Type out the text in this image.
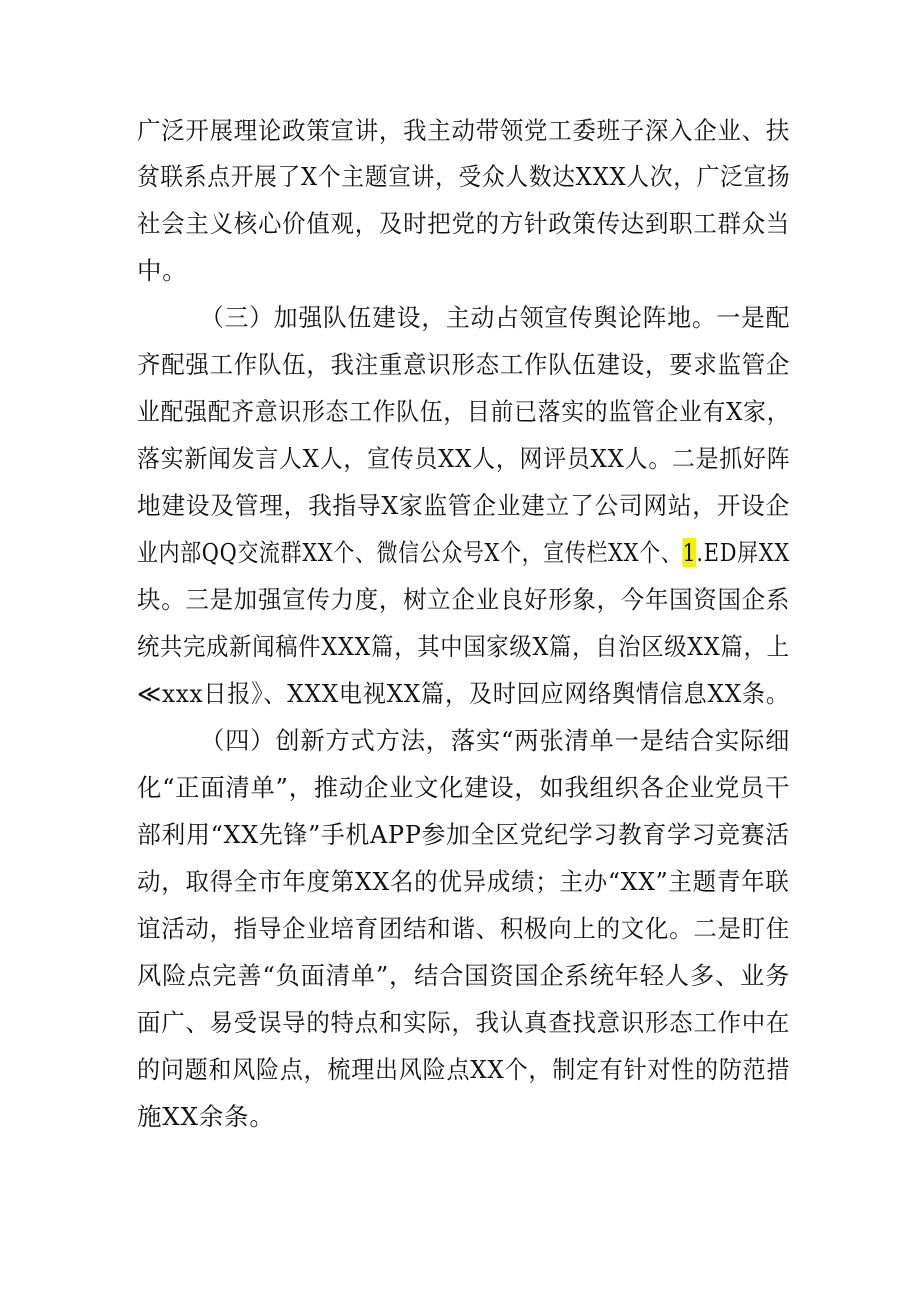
广泛开展理论政策宣讲，我主动带领党工委班子深入企业、扶
贫联系点开展了X个主题宣讲，受众人数达XXX人次，广泛宣扬
社会主义核心价值观，及时把党的方针政策传达到职工群众当
中。
（三）加强队伍建设，主动占领宣传舆论阵地。一是配
齐配强工作队伍，我注重意识形态工作队伍建设，要求监管企
业配强配齐意识形态工作队伍，目前已落实的监管企业有X家，
落实新闻发言人X人，宣传员XX人，网评员XX人。二是抓好阵
地建设及管理，我指导X家监管企业建立了公司网站，开设企
业内部QQ交流群XX个、微信公众号X个，宣传栏XX个、1.ED屏XX
块。三是加强宣传力度，树立企业良好形象，今年国资国企系
统共完成新闻稿件XXX篇，其中国家级X篇，自治区级XX篇，上
≪xxx日报》、XXX电视XX篇，及时回应网络舆情信息XX条。
（四）创新方式方法，落实“两张清单一是结合实际细
化“正面清单”，推动企业文化建设，如我组织各企业党员干
部利用“XX先锋”手机APP参加全区党纪学习教育学习竞赛活
动，取得全市年度第XX名的优异成绩；主办“XX”主题青年联
谊活动，指导企业培育团结和谐、积极向上的文化。二是盯住
风险点完善“负面清单”，结合国资国企系统年轻人多、业务
面广、易受误导的特点和实际，我认真查找意识形态工作中在
的问题和风险点，梳理出风险点XX个，制定有针对性的防范措
施XX余条。
